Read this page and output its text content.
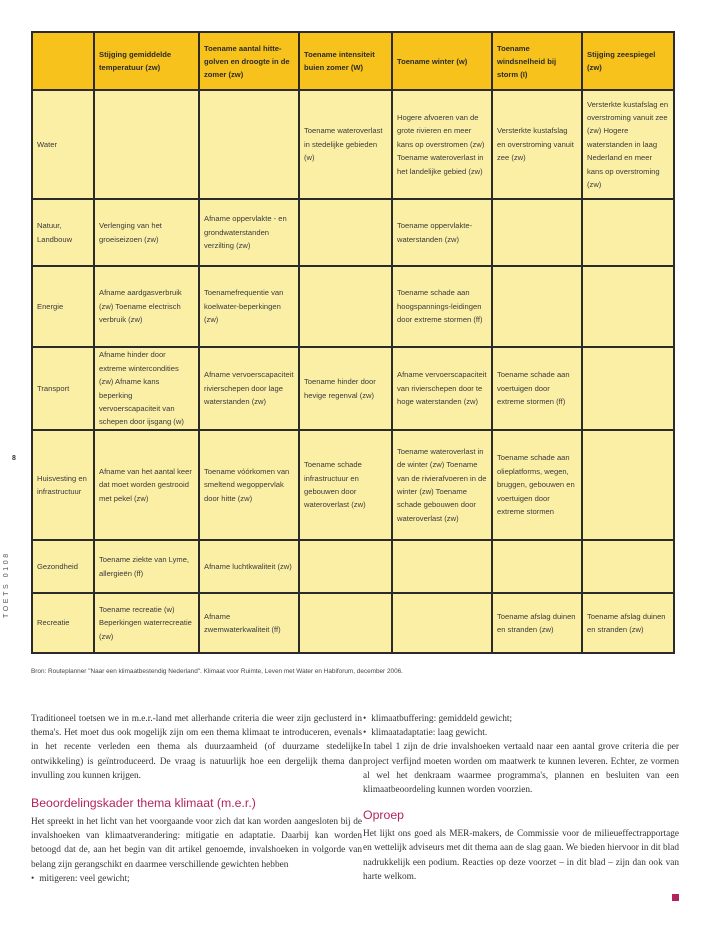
8
TOETS 0108
	Stijging gemiddelde temperatuur (zw)	Toename aantal hitte-golven en droogte in de zomer (zw)	Toename intensiteit buien zomer (W)	Toename winter (w)	Toename windsnelheid bij storm (I)	Stijging zeespiegel (zw)
Water			Toename wateroverlast in stedelijke gebieden (w)	Hogere afvoeren van de grote rivieren en meer kans op overstromen (zw) Toename wateroverlast in het landelijke gebied (zw)	Versterkte kustafslag en overstroming vanuit zee (zw)	Versterkte kustafslag en overstroming vanuit zee (zw) Hogere waterstanden in laag Nederland en meer kans op overstroming (zw)
Natuur, Landbouw	Verlenging van het groeiseizoen (zw)	Afname oppervlakte - en grondwaterstanden verzilting (zw)		Toename oppervlakte-waterstanden (zw)		
Energie	Afname aardgasverbruik (zw) Toename electrisch verbruik (zw)	Toenamefrequentie van koelwater-beperkingen (zw)		Toename schade aan hoogspannings-leidingen door extreme stormen (ff)		
Transport	Afname hinder door extreme wintercondities (zw) Afname kans beperking vervoerscapaciteit van schepen door ijsgang (w)	Afname vervoerscapaciteit rivierschepen door lage waterstanden (zw)	Toename hinder door hevige regenval (zw)	Afname vervoerscapaciteit van rivierschepen door te hoge waterstanden (zw)	Toename schade aan voertuigen door extreme stormen (ff)	
Huisvesting en infrastructuur	Afname van het aantal keer dat moet worden gestrooid met pekel (zw)	Toename vóórkomen van smeltend wegoppervlak door hitte (zw)	Toename schade infrastructuur en gebouwen door wateroverlast (zw)	Toename wateroverlast in de winter (zw) Toename van de rivierafvoeren in de winter (zw) Toename schade gebouwen door wateroverlast (zw)	Toename schade aan olieplatforms, wegen, bruggen, gebouwen en voertuigen door extreme stormen	
Gezondheid	Toename ziekte van Lyme, allergieën (ff)	Afname luchtkwaliteit (zw)				
Recreatie	Toename recreatie (w) Beperkingen waterrecreatie (zw)	Afname zwemwaterkwaliteit (ff)			Toename afslag duinen en stranden (zw)	Toename afslag duinen en stranden (zw)
Bron: Routeplanner "Naar een klimaatbestendig Nederland". Klimaat voor Ruimte, Leven met Water en Habiforum, december 2006.

Traditioneel toetsen we in m.e.r.-land met allerhande criteria die weer zijn geclusterd in thema's. Het moet dus ook mogelijk zijn om een thema klimaat te introduceren, evenals in het recente verleden een thema als duurzaamheid (of duurzame stedelijke ontwikkeling) is geïntroduceerd. De vraag is natuurlijk hoe een dergelijk thema dan invulling zou kunnen krijgen.

Beoordelingskader thema klimaat (m.e.r.)

Het spreekt in het licht van het voorgaande voor zich dat kan worden aangesloten bij de invalshoeken van klimaatverandering: mitigatie en adaptatie. Daarbij kan worden betoogd dat de, aan het begin van dit artikel genoemde, invalshoeken in volgorde van belang zijn gerangschikt en daarmee verschillende gewichten hebben

• mitigeren: veel gewicht;
• klimaatbuffering: gemiddeld gewicht;
• klimaatadaptatie: laag gewicht.

In tabel 1 zijn de drie invalshoeken vertaald naar een aantal grove criteria die per project verfijnd moeten worden om maatwerk te kunnen leveren. Echter, ze vormen al wel het denkraam waarmee programma's, plannen en besluiten van een klimaatbeoordeling kunnen worden voorzien.

Oproep

Het lijkt ons goed als MER-makers, de Commissie voor de milieueffectrapportage en wettelijk adviseurs met dit thema aan de slag gaan. We bieden hiervoor in dit blad nadrukkelijk een podium. Reacties op deze voorzet – in dit blad – zijn dan ook van harte welkom.
